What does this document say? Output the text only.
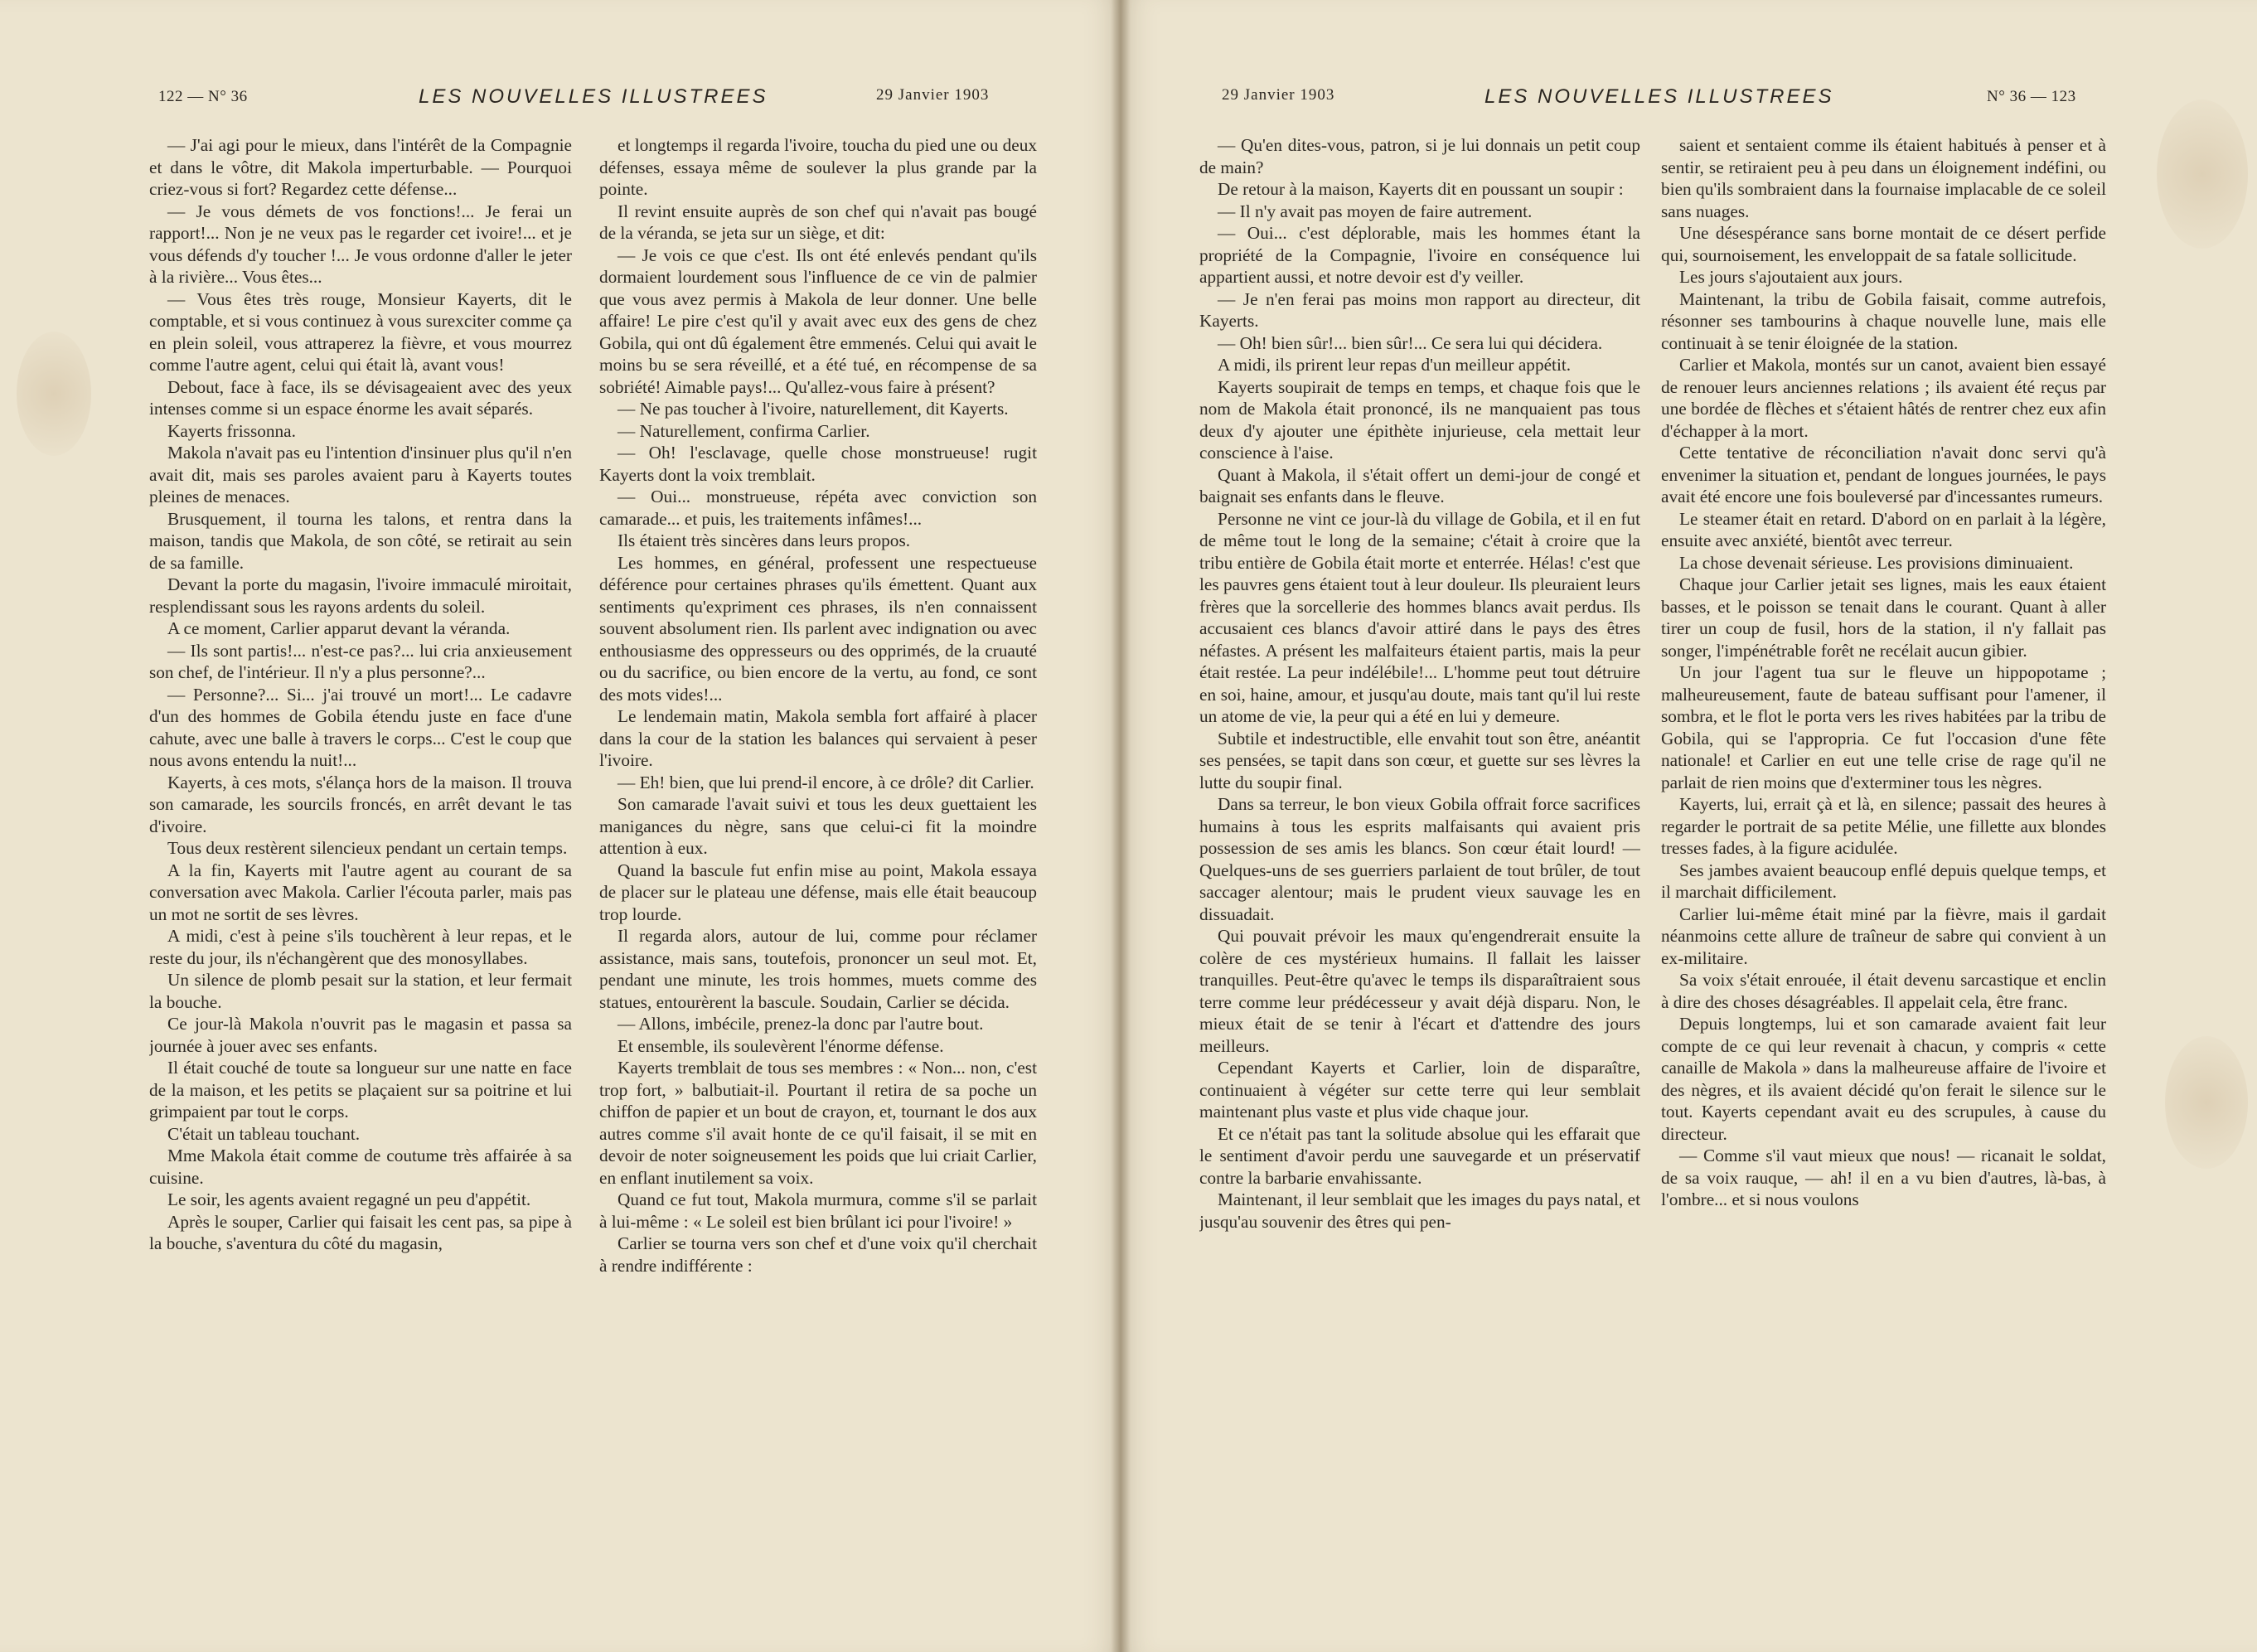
122 — N° 36	LES NOUVELLES ILLUSTREES	29 Janvier 1903

— J'ai agi pour le mieux, dans l'intérêt de la Compagnie et dans le vôtre, dit Makola imperturbable. — Pourquoi criez-vous si fort? Regardez cette défense...

— Je vous démets de vos fonctions!... Je ferai un rapport!... Non je ne veux pas le regarder cet ivoire!... et je vous défends d'y toucher !... Je vous ordonne d'aller le jeter à la rivière... Vous êtes...

— Vous êtes très rouge, Monsieur Kayerts, dit le comptable, et si vous continuez à vous surexciter comme ça en plein soleil, vous attraperez la fièvre, et vous mourrez comme l'autre agent, celui qui était là, avant vous!

Debout, face à face, ils se dévisageaient avec des yeux intenses comme si un espace énorme les avait séparés.

Kayerts frissonna.

Makola n'avait pas eu l'intention d'insinuer plus qu'il n'en avait dit, mais ses paroles avaient paru à Kayerts toutes pleines de menaces.

Brusquement, il tourna les talons, et rentra dans la maison, tandis que Makola, de son côté, se retirait au sein de sa famille.

Devant la porte du magasin, l'ivoire immaculé miroitait, resplendissant sous les rayons ardents du soleil.

A ce moment, Carlier apparut devant la véranda.

— Ils sont partis!... n'est-ce pas?... lui cria anxieusement son chef, de l'intérieur. Il n'y a plus personne?...

— Personne?... Si... j'ai trouvé un mort!... Le cadavre d'un des hommes de Gobila étendu juste en face d'une cahute, avec une balle à travers le corps... C'est le coup que nous avons entendu la nuit!...

Kayerts, à ces mots, s'élança hors de la maison. Il trouva son camarade, les sourcils froncés, en arrêt devant le tas d'ivoire.

Tous deux restèrent silencieux pendant un certain temps.

A la fin, Kayerts mit l'autre agent au courant de sa conversation avec Makola. Carlier l'écouta parler, mais pas un mot ne sortit de ses lèvres.

A midi, c'est à peine s'ils touchèrent à leur repas, et le reste du jour, ils n'échangèrent que des monosyllabes.

Un silence de plomb pesait sur la station, et leur fermait la bouche.

Ce jour-là Makola n'ouvrit pas le magasin et passa sa journée à jouer avec ses enfants.

Il était couché de toute sa longueur sur une natte en face de la maison, et les petits se plaçaient sur sa poitrine et lui grimpaient par tout le corps.

C'était un tableau touchant.

Mme Makola était comme de coutume très affairée à sa cuisine.

Le soir, les agents avaient regagné un peu d'appétit.

Après le souper, Carlier qui faisait les cent pas, sa pipe à la bouche, s'aventura du côté du magasin,

et longtemps il regarda l'ivoire, toucha du pied une ou deux défenses, essaya même de soulever la plus grande par la pointe.

Il revint ensuite auprès de son chef qui n'avait pas bougé de la véranda, se jeta sur un siège, et dit:

— Je vois ce que c'est. Ils ont été enlevés pendant qu'ils dormaient lourdement sous l'influence de ce vin de palmier que vous avez permis à Makola de leur donner. Une belle affaire! Le pire c'est qu'il y avait avec eux des gens de chez Gobila, qui ont dû également être emmenés. Celui qui avait le moins bu se sera réveillé, et a été tué, en récompense de sa sobriété! Aimable pays!... Qu'allez-vous faire à présent?

— Ne pas toucher à l'ivoire, naturellement, dit Kayerts.

— Naturellement, confirma Carlier.

— Oh! l'esclavage, quelle chose monstrueuse! rugit Kayerts dont la voix tremblait.

— Oui... monstrueuse, répéta avec conviction son camarade... et puis, les traitements infâmes!...

Ils étaient très sincères dans leurs propos.

Les hommes, en général, professent une respectueuse déférence pour certaines phrases qu'ils émettent. Quant aux sentiments qu'expriment ces phrases, ils n'en connaissent souvent absolument rien. Ils parlent avec indignation ou avec enthousiasme des oppresseurs ou des opprimés, de la cruauté ou du sacrifice, ou bien encore de la vertu, au fond, ce sont des mots vides!...

Le lendemain matin, Makola sembla fort affairé à placer dans la cour de la station les balances qui servaient à peser l'ivoire.

— Eh! bien, que lui prend-il encore, à ce drôle? dit Carlier.

Son camarade l'avait suivi et tous les deux guettaient les manigances du nègre, sans que celui-ci fit la moindre attention à eux.

Quand la bascule fut enfin mise au point, Makola essaya de placer sur le plateau une défense, mais elle était beaucoup trop lourde.

Il regarda alors, autour de lui, comme pour réclamer assistance, mais sans, toutefois, prononcer un seul mot. Et, pendant une minute, les trois hommes, muets comme des statues, entourèrent la bascule. Soudain, Carlier se décida.

— Allons, imbécile, prenez-la donc par l'autre bout.

Et ensemble, ils soulevèrent l'énorme défense.

Kayerts tremblait de tous ses membres : « Non... non, c'est trop fort, » balbutiait-il. Pourtant il retira de sa poche un chiffon de papier et un bout de crayon, et, tournant le dos aux autres comme s'il avait honte de ce qu'il faisait, il se mit en devoir de noter soigneusement les poids que lui criait Carlier, en enflant inutilement sa voix.

Quand ce fut tout, Makola murmura, comme s'il se parlait à lui-même : « Le soleil est bien brûlant ici pour l'ivoire! »

Carlier se tourna vers son chef et d'une voix qu'il cherchait à rendre indifférente :

29 Janvier 1903	LES NOUVELLES ILLUSTREES	N° 36 — 123

— Qu'en dites-vous, patron, si je lui donnais un petit coup de main?

De retour à la maison, Kayerts dit en poussant un soupir :

— Il n'y avait pas moyen de faire autrement.

— Oui... c'est déplorable, mais les hommes étant la propriété de la Compagnie, l'ivoire en conséquence lui appartient aussi, et notre devoir est d'y veiller.

— Je n'en ferai pas moins mon rapport au directeur, dit Kayerts.

— Oh! bien sûr!... bien sûr!... Ce sera lui qui décidera.

A midi, ils prirent leur repas d'un meilleur appétit.

Kayerts soupirait de temps en temps, et chaque fois que le nom de Makola était prononcé, ils ne manquaient pas tous deux d'y ajouter une épithète injurieuse, cela mettait leur conscience à l'aise.

Quant à Makola, il s'était offert un demi-jour de congé et baignait ses enfants dans le fleuve.

Personne ne vint ce jour-là du village de Gobila, et il en fut de même tout le long de la semaine; c'était à croire que la tribu entière de Gobila était morte et enterrée. Hélas! c'est que les pauvres gens étaient tout à leur douleur. Ils pleuraient leurs frères que la sorcellerie des hommes blancs avait perdus. Ils accusaient ces blancs d'avoir attiré dans le pays des êtres néfastes. A présent les malfaiteurs étaient partis, mais la peur était restée. La peur indélébile!... L'homme peut tout détruire en soi, haine, amour, et jusqu'au doute, mais tant qu'il lui reste un atome de vie, la peur qui a été en lui y demeure.

Subtile et indestructible, elle envahit tout son être, anéantit ses pensées, se tapit dans son cœur, et guette sur ses lèvres la lutte du soupir final.

Dans sa terreur, le bon vieux Gobila offrait force sacrifices humains à tous les esprits malfaisants qui avaient pris possession de ses amis les blancs. Son cœur était lourd! — Quelques-uns de ses guerriers parlaient de tout brûler, de tout saccager alentour; mais le prudent vieux sauvage les en dissuadait.

Qui pouvait prévoir les maux qu'engendrerait ensuite la colère de ces mystérieux humains. Il fallait les laisser tranquilles. Peut-être qu'avec le temps ils disparaîtraient sous terre comme leur prédécesseur y avait déjà disparu. Non, le mieux était de se tenir à l'écart et d'attendre des jours meilleurs.

Cependant Kayerts et Carlier, loin de disparaître, continuaient à végéter sur cette terre qui leur semblait maintenant plus vaste et plus vide chaque jour.

Et ce n'était pas tant la solitude absolue qui les effarait que le sentiment d'avoir perdu une sauvegarde et un préservatif contre la barbarie envahissante.

Maintenant, il leur semblait que les images du pays natal, et jusqu'au souvenir des êtres qui pen-

saient et sentaient comme ils étaient habitués à penser et à sentir, se retiraient peu à peu dans un éloignement indéfini, ou bien qu'ils sombraient dans la fournaise implacable de ce soleil sans nuages.

Une désespérance sans borne montait de ce désert perfide qui, sournoisement, les enveloppait de sa fatale sollicitude.

Les jours s'ajoutaient aux jours.

Maintenant, la tribu de Gobila faisait, comme autrefois, résonner ses tambourins à chaque nouvelle lune, mais elle continuait à se tenir éloignée de la station.

Carlier et Makola, montés sur un canot, avaient bien essayé de renouer leurs anciennes relations ; ils avaient été reçus par une bordée de flèches et s'étaient hâtés de rentrer chez eux afin d'échapper à la mort.

Cette tentative de réconciliation n'avait donc servi qu'à envenimer la situation et, pendant de longues journées, le pays avait été encore une fois bouleversé par d'incessantes rumeurs.

Le steamer était en retard. D'abord on en parlait à la légère, ensuite avec anxiété, bientôt avec terreur.

La chose devenait sérieuse. Les provisions diminuaient.

Chaque jour Carlier jetait ses lignes, mais les eaux étaient basses, et le poisson se tenait dans le courant. Quant à aller tirer un coup de fusil, hors de la station, il n'y fallait pas songer, l'impénétrable forêt ne recélait aucun gibier.

Un jour l'agent tua sur le fleuve un hippopotame ; malheureusement, faute de bateau suffisant pour l'amener, il sombra, et le flot le porta vers les rives habitées par la tribu de Gobila, qui se l'appropria. Ce fut l'occasion d'une fête nationale! et Carlier en eut une telle crise de rage qu'il ne parlait de rien moins que d'exterminer tous les nègres.

Kayerts, lui, errait çà et là, en silence; passait des heures à regarder le portrait de sa petite Mélie, une fillette aux blondes tresses fades, à la figure acidulée.

Ses jambes avaient beaucoup enflé depuis quelque temps, et il marchait difficilement.

Carlier lui-même était miné par la fièvre, mais il gardait néanmoins cette allure de traîneur de sabre qui convient à un ex-militaire.

Sa voix s'était enrouée, il était devenu sarcastique et enclin à dire des choses désagréables. Il appelait cela, être franc.

Depuis longtemps, lui et son camarade avaient fait leur compte de ce qui leur revenait à chacun, y compris « cette canaille de Makola » dans la malheureuse affaire de l'ivoire et des nègres, et ils avaient décidé qu'on ferait le silence sur le tout. Kayerts cependant avait eu des scrupules, à cause du directeur.

— Comme s'il vaut mieux que nous! — ricanait le soldat, de sa voix rauque, — ah! il en a vu bien d'autres, là-bas, à l'ombre... et si nous voulons
